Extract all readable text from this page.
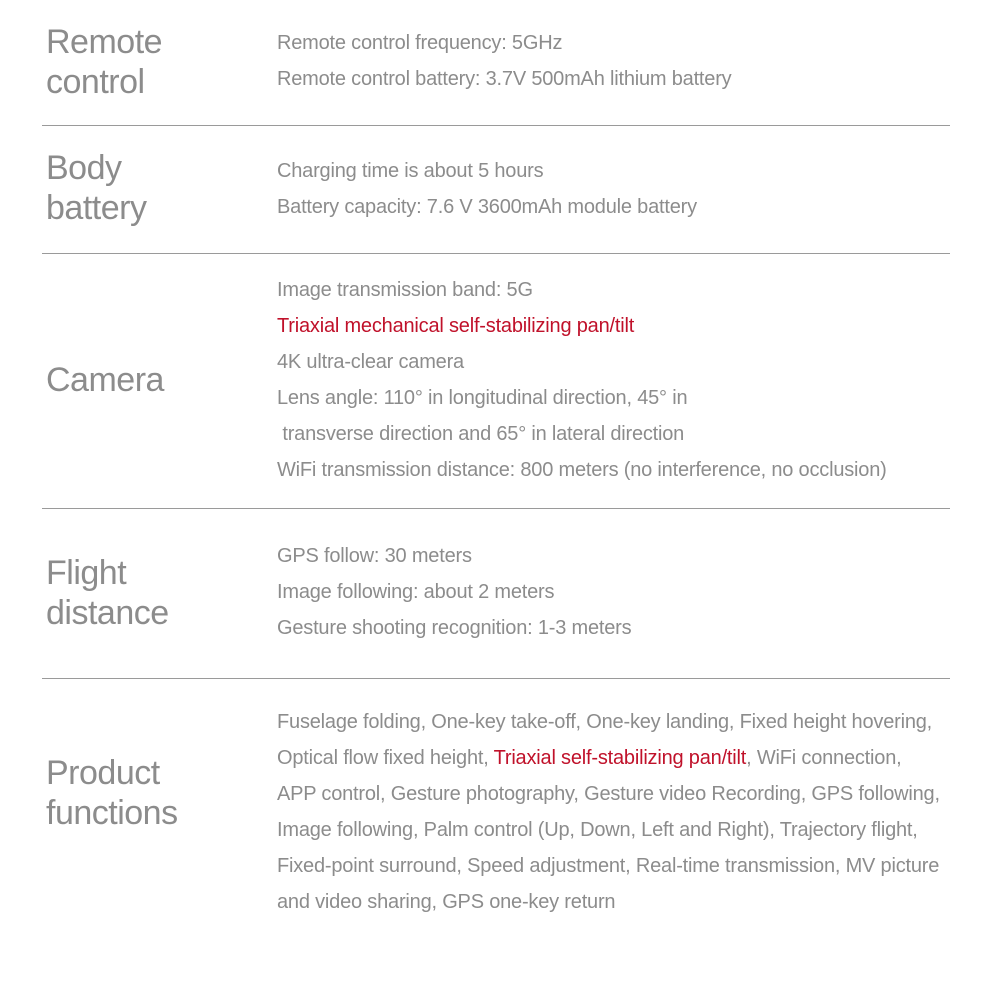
Remote
control
Remote control frequency: 5GHz
Remote control battery: 3.7V 500mAh lithium battery
Body
battery
Charging time is about 5 hours
Battery capacity: 7.6 V 3600mAh module battery
Camera
Image transmission band: 5G
Triaxial mechanical self-stabilizing pan/tilt
4K ultra-clear camera
Lens angle: 110° in longitudinal direction, 45° in
transverse direction and 65° in lateral direction
WiFi transmission distance: 800 meters (no interference, no occlusion)
Flight
distance
GPS follow: 30 meters
Image following: about 2 meters
Gesture shooting recognition: 1-3 meters
Product
functions
Fuselage folding, One-key take-off, One-key landing, Fixed height hovering,
Optical flow fixed height, Triaxial self-stabilizing pan/tilt, WiFi connection,
APP control, Gesture photography, Gesture video Recording, GPS following,
Image following, Palm control (Up, Down, Left and Right), Trajectory flight,
Fixed-point surround, Speed adjustment, Real-time transmission, MV picture
and video sharing, GPS one-key return
